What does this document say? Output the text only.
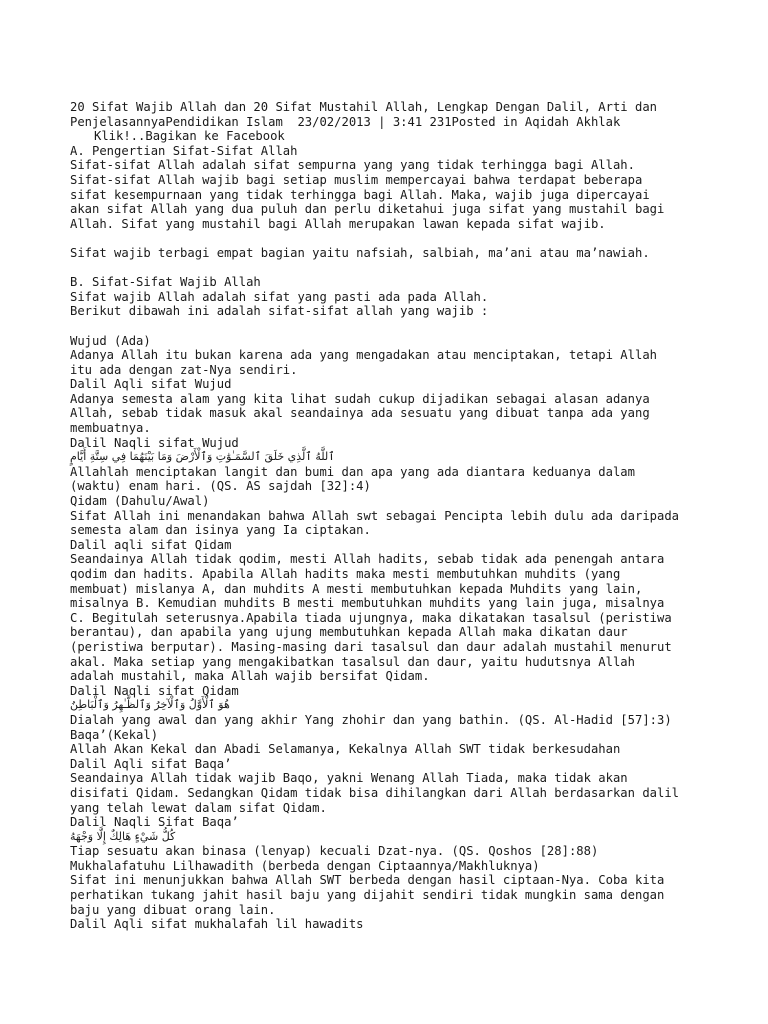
20 Sifat Wajib Allah dan 20 Sifat Mustahil Allah, Lengkap Dengan Dalil, Arti dan
PenjelasannyaPendidikan Islam  23/02/2013 | 3:41 231Posted in Aqidah Akhlak
Klik!..Bagikan ke Facebook
A. Pengertian Sifat-Sifat Allah
Sifat-sifat Allah adalah sifat sempurna yang yang tidak terhingga bagi Allah.
Sifat-sifat Allah wajib bagi setiap muslim mempercayai bahwa terdapat beberapa
sifat kesempurnaan yang tidak terhingga bagi Allah. Maka, wajib juga dipercayai
akan sifat Allah yang dua puluh dan perlu diketahui juga sifat yang mustahil bagi
Allah. Sifat yang mustahil bagi Allah merupakan lawan kepada sifat wajib.
Sifat wajib terbagi empat bagian yaitu nafsiah, salbiah, ma’ani atau ma’nawiah.
B. Sifat-Sifat Wajib Allah
Sifat wajib Allah adalah sifat yang pasti ada pada Allah.
Berikut dibawah ini adalah sifat-sifat allah yang wajib :
Wujud (Ada)
Adanya Allah itu bukan karena ada yang mengadakan atau menciptakan, tetapi Allah
itu ada dengan zat-Nya sendiri.
Dalil Aqli sifat Wujud
Adanya semesta alam yang kita lihat sudah cukup dijadikan sebagai alasan adanya
Allah, sebab tidak masuk akal seandainya ada sesuatu yang dibuat tanpa ada yang
membuatnya.
Dalil Naqli sifat Wujud
ٱللَّهُ ٱلَّذِي خَلَقَ ٱلسَّمَـٰوَٰتِ وَٱلْأَرْضَ وَمَا بَيْنَهُمَا فِي سِتَّةِ أَيَّامٍ
Allahlah menciptakan langit dan bumi dan apa yang ada diantara keduanya dalam
(waktu) enam hari. (QS. AS sajdah [32]:4)
Qidam (Dahulu/Awal)
Sifat Allah ini menandakan bahwa Allah swt sebagai Pencipta lebih dulu ada daripada
semesta alam dan isinya yang Ia ciptakan.
Dalil aqli sifat Qidam
Seandainya Allah tidak qodim, mesti Allah hadits, sebab tidak ada penengah antara
qodim dan hadits. Apabila Allah hadits maka mesti membutuhkan muhdits (yang
membuat) mislanya A, dan muhdits A mesti membutuhkan kepada Muhdits yang lain,
misalnya B. Kemudian muhdits B mesti membutuhkan muhdits yang lain juga, misalnya
C. Begitulah seterusnya.Apabila tiada ujungnya, maka dikatakan tasalsul (peristiwa
berantau), dan apabila yang ujung membutuhkan kepada Allah maka dikatan daur
(peristiwa berputar). Masing-masing dari tasalsul dan daur adalah mustahil menurut
akal. Maka setiap yang mengakibatkan tasalsul dan daur, yaitu hudutsnya Allah
adalah mustahil, maka Allah wajib bersifat Qidam.
Dalil Naqli sifat Qidam
هُوَ ٱلْأَوَّلُ وَٱلْآخِرُ وَٱلظَّـٰهِرُ وَٱلْبَاطِنُ
Dialah yang awal dan yang akhir Yang zhohir dan yang bathin. (QS. Al-Hadid [57]:3)
Baqa’(Kekal)
Allah Akan Kekal dan Abadi Selamanya, Kekalnya Allah SWT tidak berkesudahan
Dalil Aqli sifat Baqa’
Seandainya Allah tidak wajib Baqo, yakni Wenang Allah Tiada, maka tidak akan
disifati Qidam. Sedangkan Qidam tidak bisa dihilangkan dari Allah berdasarkan dalil
yang telah lewat dalam sifat Qidam.
Dalil Naqli Sifat Baqa’
كُلُّ شَيْءٍ هَالِكٌ إِلَّا وَجْهَهُ
Tiap sesuatu akan binasa (lenyap) kecuali Dzat-nya. (QS. Qoshos [28]:88)
Mukhalafatuhu Lilhawadith (berbeda dengan Ciptaannya/Makhluknya)
Sifat ini menunjukkan bahwa Allah SWT berbeda dengan hasil ciptaan-Nya. Coba kita
perhatikan tukang jahit hasil baju yang dijahit sendiri tidak mungkin sama dengan
baju yang dibuat orang lain.
Dalil Aqli sifat mukhalafah lil hawadits
